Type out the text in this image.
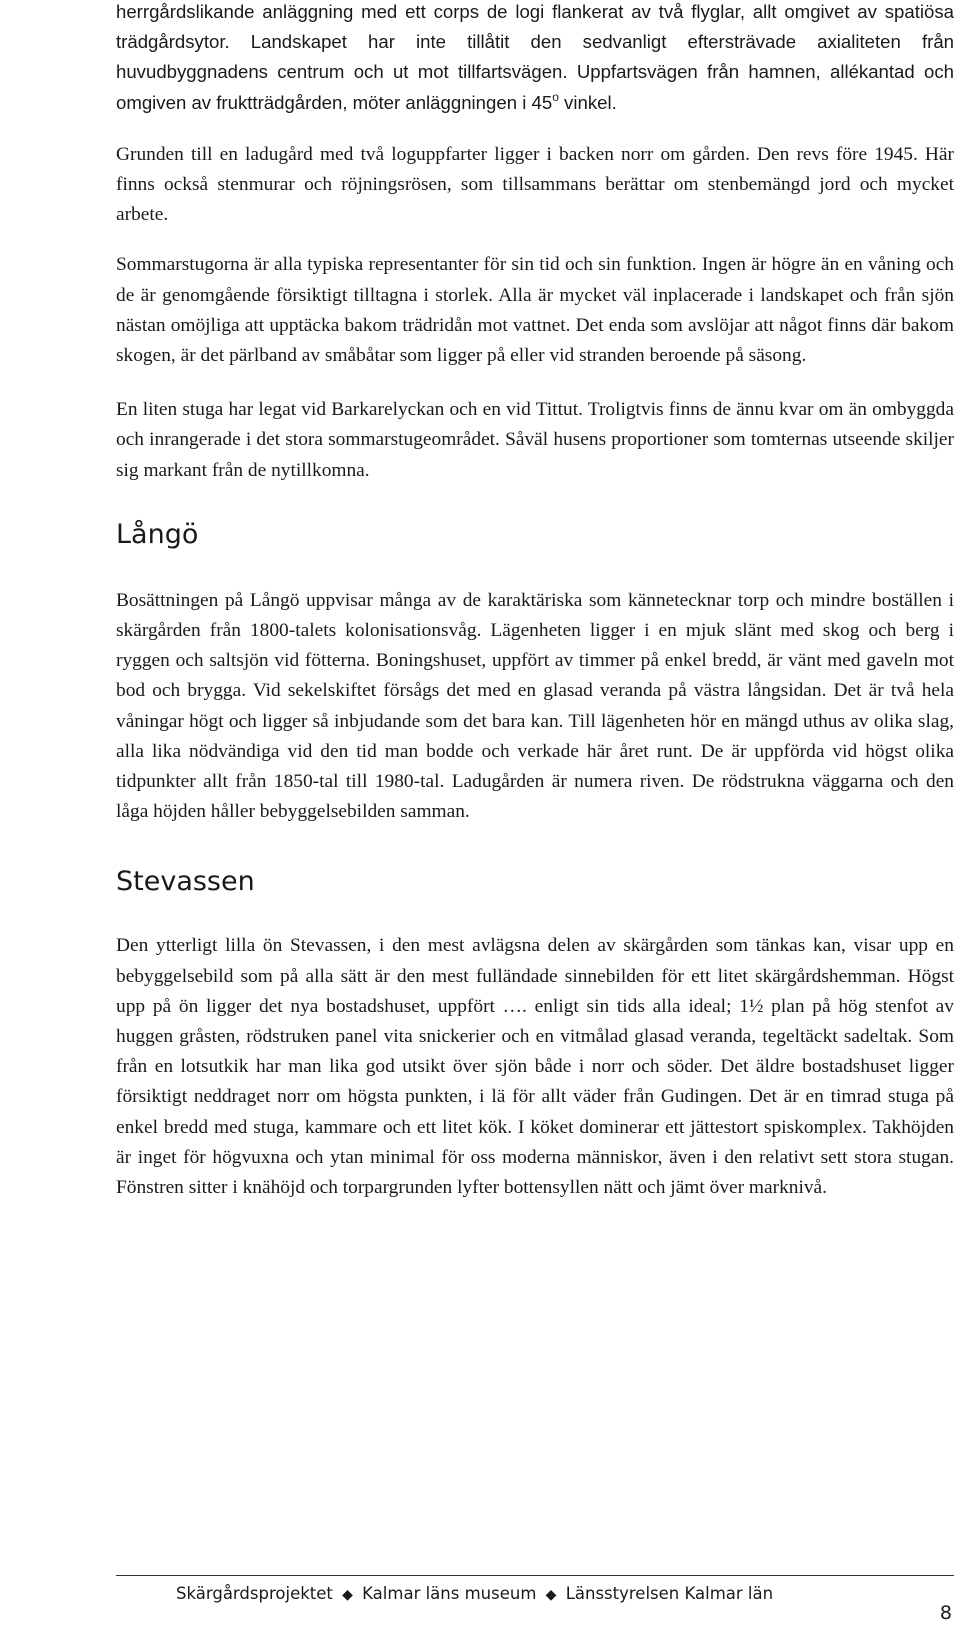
herrgårdslikande anläggning med ett corps de logi flankerat av två flyglar, allt omgivet av spatiösa trädgårdsytor. Landskapet har inte tillåtit den sedvanligt eftersträvade axialiteten från huvudbyggnadens centrum och ut mot tillfartsvägen. Uppfartsvägen från hamnen, allékantad och omgiven av fruktträdgården, möter anläggningen i 45$^o$ vinkel.

Grunden till en ladugård med två loguppfarter ligger i backen norr om gården. Den revs före 1945. Här finns också stenmurar och röjningsrösen, som tillsammans berättar om stenbemängd jord och mycket arbete.

Sommarstugorna är alla typiska representanter för sin tid och sin funktion. Ingen är högre än en våning och de är genomgående försiktigt tilltagna i storlek. Alla är mycket väl inplacerade i landskapet och från sjön nästan omöjliga att upptäcka bakom trädridån mot vattnet. Det enda som avslöjar att något finns där bakom skogen, är det pärlband av småbåtar som ligger på eller vid stranden beroende på säsong.

En liten stuga har legat vid Barkarelyckan och en vid Tittut. Troligtvis finns de ännu kvar om än ombyggda och inrangerade i det stora sommarstugeområdet. Såväl husens proportioner som tomternas utseende skiljer sig markant från de nytillkomna.

Långö

Bosättningen på Långö uppvisar många av de karaktäriska som kännetecknar torp och mindre boställen i skärgården från 1800-talets kolonisationsvåg. Lägenheten ligger i en mjuk slänt med skog och berg i ryggen och saltsjön vid fötterna. Boningshuset, uppfört av timmer på enkel bredd, är vänt med gaveln mot bod och brygga. Vid sekelskiftet försågs det med en glasad veranda på västra långsidan. Det är två hela våningar högt och ligger så inbjudande som det bara kan. Till lägenheten hör en mängd uthus av olika slag, alla lika nödvändiga vid den tid man bodde och verkade här året runt. De är uppförda vid högst olika tidpunkter allt från 1850-tal till 1980-tal. Ladugården är numera riven. De rödstrukna väggarna och den låga höjden håller bebyggelsebilden samman.

Stevassen

Den ytterligt lilla ön Stevassen, i den mest avlägsna delen av skärgården som tänkas kan, visar upp en bebyggelsebild som på alla sätt är den mest fulländade sinnebilden för ett litet skärgårdshemman. Högst upp på ön ligger det nya bostadshuset, uppfört …. enligt sin tids alla ideal; 1½ plan på hög stenfot av huggen gråsten, rödstruken panel vita snickerier och en vitmålad glasad veranda, tegeltäckt sadeltak. Som från en lotsutkik har man lika god utsikt över sjön både i norr och söder. Det äldre bostadshuset ligger försiktigt neddraget norr om högsta punkten, i lä för allt väder från Gudingen. Det är en timrad stuga på enkel bredd med stuga, kammare och ett litet kök. I köket dominerar ett jättestort spiskomplex. Takhöjden är inget för högvuxna och ytan minimal för oss moderna människor, även i den relativt sett stora stugan. Fönstren sitter i knähöjd och torpargrunden lyfter bottensyllen nätt och jämt över marknivå.

Skärgårdsprojektet ◆ Kalmar läns museum ◆ Länsstyrelsen Kalmar län
8
